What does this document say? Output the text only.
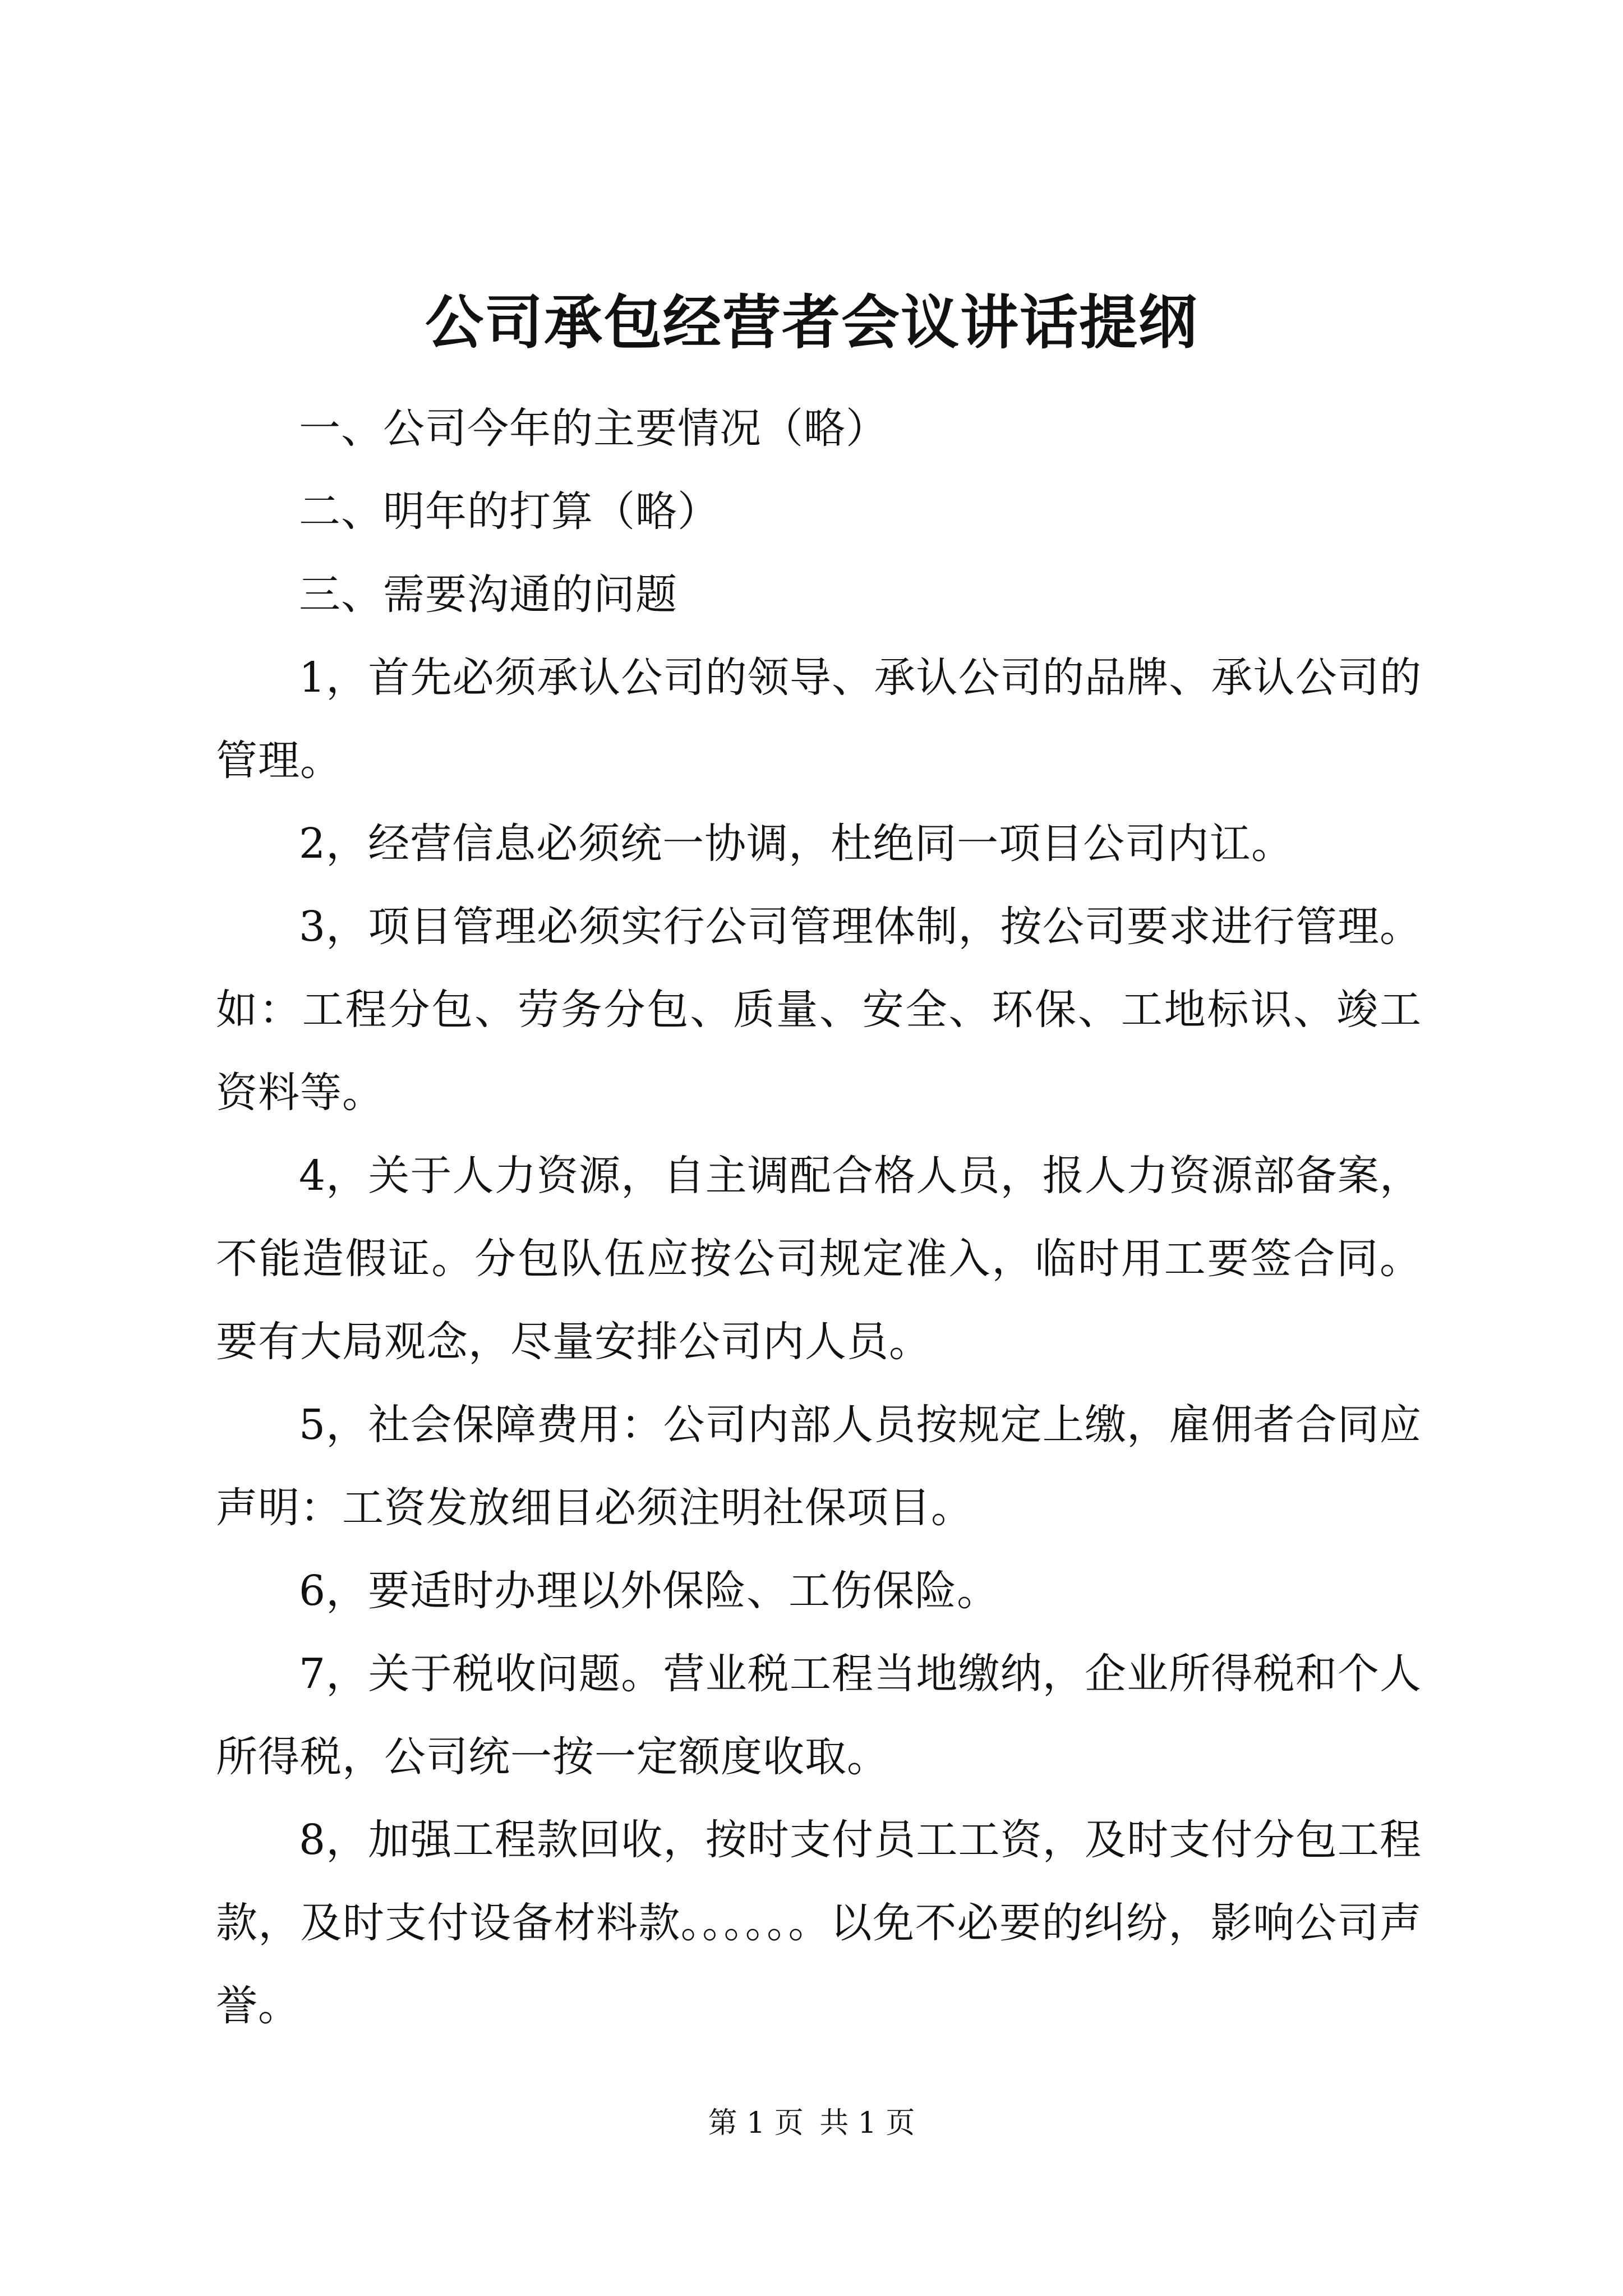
公司承包经营者会议讲话提纲

一、公司今年的主要情况（略）

二、明年的打算（略）

三、需要沟通的问题

1，首先必须承认公司的领导、承认公司的品牌、承认公司的管理。

2，经营信息必须统一协调，杜绝同一项目公司内讧。

3，项目管理必须实行公司管理体制，按公司要求进行管理。如：工程分包、劳务分包、质量、安全、环保、工地标识、竣工资料等。

4，关于人力资源，自主调配合格人员，报人力资源部备案，不能造假证。分包队伍应按公司规定准入，临时用工要签合同。要有大局观念，尽量安排公司内人员。

5，社会保障费用：公司内部人员按规定上缴，雇佣者合同应声明：工资发放细目必须注明社保项目。

6，要适时办理以外保险、工伤保险。

7，关于税收问题。营业税工程当地缴纳，企业所得税和个人所得税，公司统一按一定额度收取。

8，加强工程款回收，按时支付员工工资，及时支付分包工程款，及时支付设备材料款。。。。。。以免不必要的纠纷，影响公司声誉。

第 1 页 共 1 页
